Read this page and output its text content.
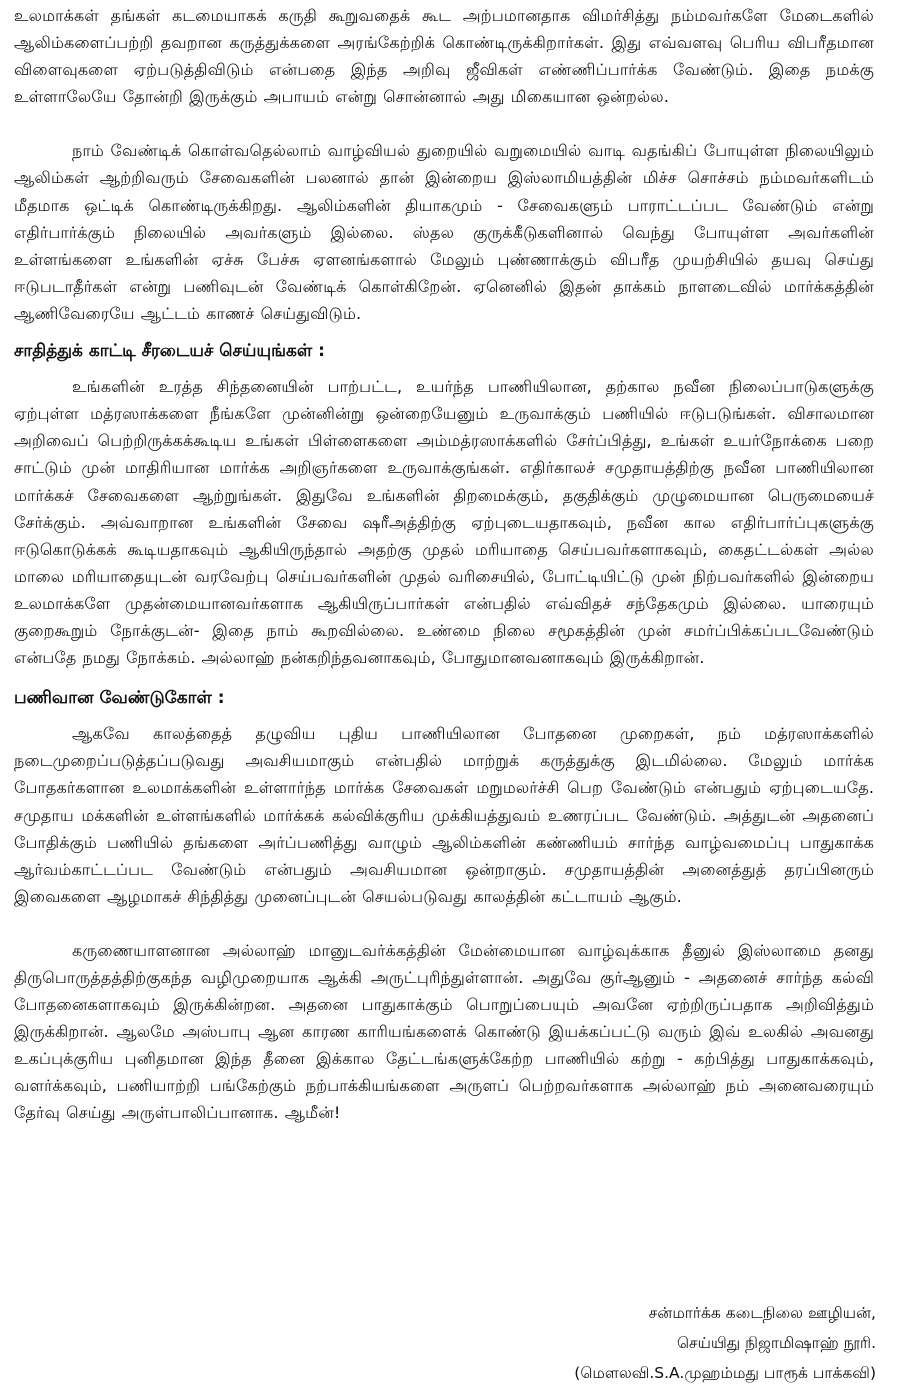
உலமாக்கள் தங்கள் கடமையாகக் கருதி கூறுவதைக் கூட அற்பமானதாக விமர்சித்து நம்மவர்களே மேடைகளில் ஆலிம்களைப்பற்றி தவறான கருத்துக்களை அரங்கேற்றிக் கொண்டிருக்கிறார்கள். இது எவ்வளவு பெரிய விபரீதமான விளைவுகளை ஏற்படுத்திவிடும் என்பதை இந்த அறிவு ஜீவிகள் எண்ணிப்பார்க்க வேண்டும். இதை நமக்கு உள்ளாலேயே தோன்றி இருக்கும் அபாயம் என்று சொன்னால் அது மிகையான ஒன்றல்ல.

நாம் வேண்டிக் கொள்வதெல்லாம் வாழ்வியல் துறையில் வறுமையில் வாடி வதங்கிப் போயுள்ள நிலையிலும் ஆலிம்கள் ஆற்றிவரும் சேவைகளின் பலனால் தான் இன்றைய இஸ்லாமியத்தின் மிச்ச சொச்சம் நம்மவர்களிடம் மீதமாக ஒட்டிக் கொண்டிருக்கிறது. ஆலிம்களின் தியாகமும் - சேவைகளும் பாராட்டப்பட வேண்டும் என்று எதிர்பார்க்கும் நிலையில் அவர்களும் இல்லை. ஸ்தல குருக்கீடுகளினால் வெந்து போயுள்ள அவர்களின் உள்ளங்களை உங்களின் ஏச்சு பேச்சு ஏளனங்களால் மேலும் புண்ணாக்கும் விபரீத முயற்சியில் தயவு செய்து ஈடுபடாதீர்கள் என்று பணிவுடன் வேண்டிக் கொள்கிறேன். ஏனெனில் இதன் தாக்கம் நாளடைவில் மார்க்கத்தின் ஆணிவேரையே ஆட்டம் காணச் செய்துவிடும்.

சாதித்துக் காட்டி சீரடையச் செய்யுங்கள் :

உங்களின் உரத்த சிந்தனையின் பாற்பட்ட, உயர்ந்த பாணியிலான, தற்கால நவீன நிலைப்பாடுகளுக்கு ஏற்புள்ள மத்ரஸாக்களை நீங்களே முன்னின்று ஒன்றையேனும் உருவாக்கும் பணியில் ஈடுபடுங்கள். விசாலமான அறிவைப் பெற்றிருக்கக்கூடிய உங்கள் பிள்ளைகளை அம்மத்ரஸாக்களில் சேர்ப்பித்து, உங்கள் உயர்நோக்கை பறை சாட்டும் முன் மாதிரியான மார்க்க அறிஞர்களை உருவாக்குங்கள். எதிர்காலச் சமுதாயத்திற்கு நவீன பாணியிலான மார்க்கச் சேவைகளை ஆற்றுங்கள். இதுவே உங்களின் திறமைக்கும், தகுதிக்கும் முழுமையான பெருமையைச் சேர்க்கும். அவ்வாறான உங்களின் சேவை ஷரீஅத்திற்கு ஏற்புடையதாகவும், நவீன கால எதிர்பார்ப்புகளுக்கு ஈடுகொடுக்கக் கூடியதாகவும் ஆகியிருந்தால் அதற்கு முதல் மரியாதை செய்பவர்களாகவும், கைதட்டல்கள் அல்ல மாலை மரியாதையுடன் வரவேற்பு செய்பவர்களின் முதல் வரிசையில், போட்டியிட்டு முன் நிற்பவர்களில் இன்றைய உலமாக்களே முதன்மையானவர்களாக ஆகியிருப்பார்கள் என்பதில் எவ்விதச் சந்தேகமும் இல்லை. யாரையும் குறைகூறும் நோக்குடன்- இதை நாம் கூறவில்லை. உண்மை நிலை சமூகத்தின் முன் சமர்ப்பிக்கப்படவேண்டும் என்பதே நமது நோக்கம். அல்லாஹ் நன்கறிந்தவனாகவும், போதுமானவனாகவும் இருக்கிறான்.

பணிவான வேண்டுகோள் :

ஆகவே காலத்தைத் தழுவிய புதிய பாணியிலான போதனை முறைகள், நம் மத்ரஸாக்களில் நடைமுறைப்படுத்தப்படுவது அவசியமாகும் என்பதில் மாற்றுக் கருத்துக்கு இடமில்லை. மேலும் மார்க்க போதகர்களான உலமாக்களின் உள்ளார்ந்த மார்க்க சேவைகள் மறுமலர்ச்சி பெற வேண்டும் என்பதும் ஏற்புடையதே. சமுதாய மக்களின் உள்ளங்களில் மார்க்கக் கல்விக்குரிய முக்கியத்துவம் உணரப்பட வேண்டும். அத்துடன் அதனைப் போதிக்கும் பணியில் தங்களை அர்ப்பணித்து வாழும் ஆலிம்களின் கண்ணியம் சார்ந்த வாழ்வமைப்பு பாதுகாக்க ஆர்வம்காட்டப்பட வேண்டும் என்பதும் அவசியமான ஒன்றாகும். சமுதாயத்தின் அனைத்துத் தரப்பினரும் இவைகளை ஆழமாகச் சிந்தித்து முனைப்புடன் செயல்படுவது காலத்தின் கட்டாயம் ஆகும்.

கருணையாளனான அல்லாஹ் மானுடவர்க்கத்தின் மேன்மையான வாழ்வுக்காக தீனுல் இஸ்லாமை தனது திருபொருத்தத்திற்குகந்த வழிமுறையாக ஆக்கி அருட்புரிந்துள்ளான். அதுவே குர்ஆனும் - அதனைச் சார்ந்த கல்வி போதனைகளாகவும் இருக்கின்றன. அதனை பாதுகாக்கும் பொறுப்பையும் அவனே ஏற்றிருப்பதாக அறிவித்தும் இருக்கிறான். ஆலமே அஸ்பாபு ஆன காரண காரியங்களைக் கொண்டு இயக்கப்பட்டு வரும் இவ் உலகில் அவனது உகப்புக்குரிய புனிதமான இந்த தீனை இக்கால தேட்டங்களுக்கேற்ற பாணியில் கற்று - கற்பித்து பாதுகாக்கவும், வளர்க்கவும், பணியாற்றி பங்கேற்கும் நற்பாக்கியங்களை அருளப் பெற்றவர்களாக அல்லாஹ் நம் அனைவரையும் தேர்வு செய்து அருள்பாலிப்பானாக. ஆமீன்!

சன்மார்க்க கடைநிலை ஊழியன்,
செய்யிது நிஜாமிஷாஹ் நூரி.
(மௌலவி.S.A.முஹம்மது பாரூக் பாக்கவி)
